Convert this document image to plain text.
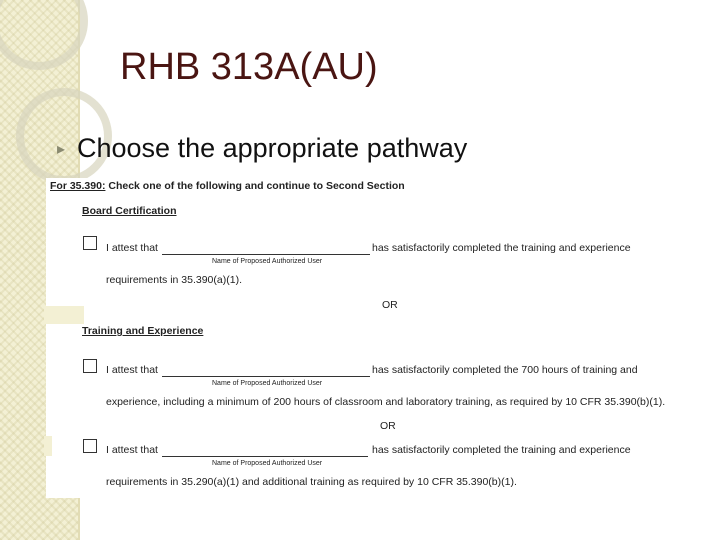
RHB 313A(AU)
▸ Choose the appropriate pathway
For 35.390: Check one of the following and continue to Second Section
Board Certification
I attest that
Name of Proposed Authorized User
has satisfactorily completed the training and experience
requirements in 35.390(a)(1).
OR
Training and Experience
I attest that
Name of Proposed Authorized User
has satisfactorily completed the 700 hours of training and
experience, including a minimum of 200 hours of classroom and laboratory training, as required by 10 CFR 35.390(b)(1).
OR
I attest that
Name of Proposed Authorized User
has satisfactorily completed the training and experience
requirements in 35.290(a)(1) and additional training as required by 10 CFR 35.390(b)(1).
